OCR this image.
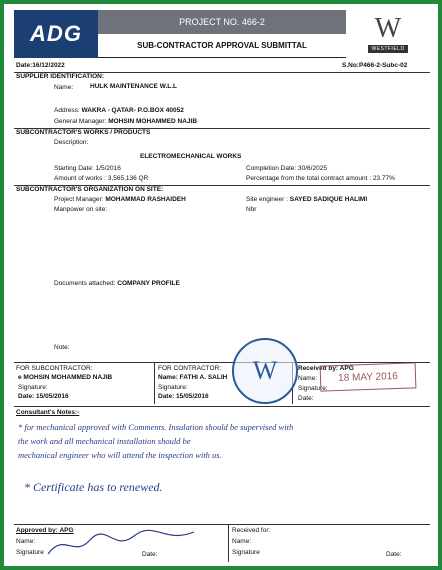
ADG	PROJECT NO. 466-2
SUB-CONTRACTOR APPROVAL SUBMITTAL
W
WESTFIELD
Date:16/12/2022	S.No:P466-2-Subc-02
SUPPLIER IDENTIFICATION:
Name:	HULK MAINTENANCE W.L.L
Address: WAKRA - QATAR- P.O.BOX 40052
General Manager: MOHSIN MOHAMMED NAJIB
SUBCONTRACTOR'S WORKS / PRODUCTS
Description:
ELECTROMECHANICAL WORKS
Starting Date: 1/5/2016	Completion Date: 30/6/2025
Amount of works : 3,565,136 QR	Percentage from the total contract amount : 23.77%
SUBCONTRACTOR'S ORGANIZATION ON SITE:
Project Manager: MOHAMMAD RASHAIDEH	Site engineer : SAYED SADIQUE HALIMI
Manpower on site:	Nbr
Documents attached: COMPANY PROFILE
Note:
FOR SUBCONTRACTOR:
e MOHSIN MOHAMMED NAJIB
Signature:
Date: 15/05/2016
FOR CONTRACTOR:
Name: FATHI A. SALIH
Signature:
Date: 15/05/2016
Received by: APG
Name:
Signature:
Date:
W	18 MAY 2016
Consultant's Notes:-
* for mechanical approved with Comments. Insulation should be supervised with
the work and all mechanical installation should be
mechanical engineer who will attend the inspection with us.
* Certificate has to renewed.
Approved by: APG
Name:
Signature	Date:
Received for:
Name:
Signature	Date:
